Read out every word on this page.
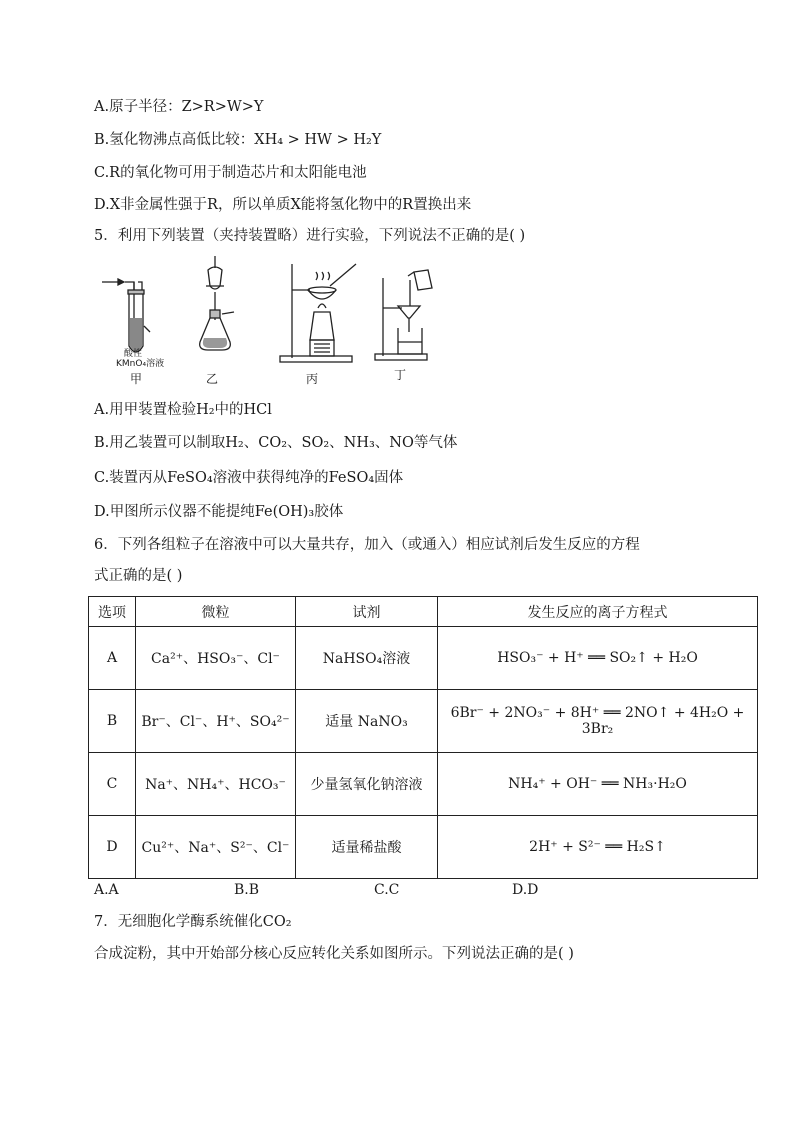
A.原子半径：Z>R>W>Y
B.氢化物沸点高低比较：XH₄ > HW > H₂Y
C.R的氧化物可用于制造芯片和太阳能电池
D.X非金属性强于R，所以单质X能将氢化物中的R置换出来
5．利用下列装置（夹持装置略）进行实验，下列说法不正确的是( )
酸性
KMnO₄溶液
甲	乙	丙	丁
A.用甲装置检验H₂中的HCl
B.用乙装置可以制取H₂、CO₂、SO₂、NH₃、NO等气体
C.装置丙从FeSO₄溶液中获得纯净的FeSO₄固体
D.甲图所示仪器不能提纯Fe(OH)₃胶体
6．下列各组粒子在溶液中可以大量共存，加入（或通入）相应试剂后发生反应的方程
式正确的是( )
选项	微粒	试剂	发生反应的离子方程式
A	Ca²⁺、HSO₃⁻、Cl⁻	NaHSO₄溶液	HSO₃⁻ + H⁺ ══ SO₂↑ + H₂O
B	Br⁻、Cl⁻、H⁺、SO₄²⁻	适量 NaNO₃	6Br⁻ + 2NO₃⁻ + 8H⁺ ══ 2NO↑ + 4H₂O + 3Br₂
C	Na⁺、NH₄⁺、HCO₃⁻	少量氢氧化钠溶液	NH₄⁺ + OH⁻ ══ NH₃·H₂O
D	Cu²⁺、Na⁺、S²⁻、Cl⁻	适量稀盐酸	2H⁺ + S²⁻ ══ H₂S↑
A.A	B.B	C.C	D.D
7．无细胞化学酶系统催化CO₂
合成淀粉，其中开始部分核心反应转化关系如图所示。下列说法正确的是( )
